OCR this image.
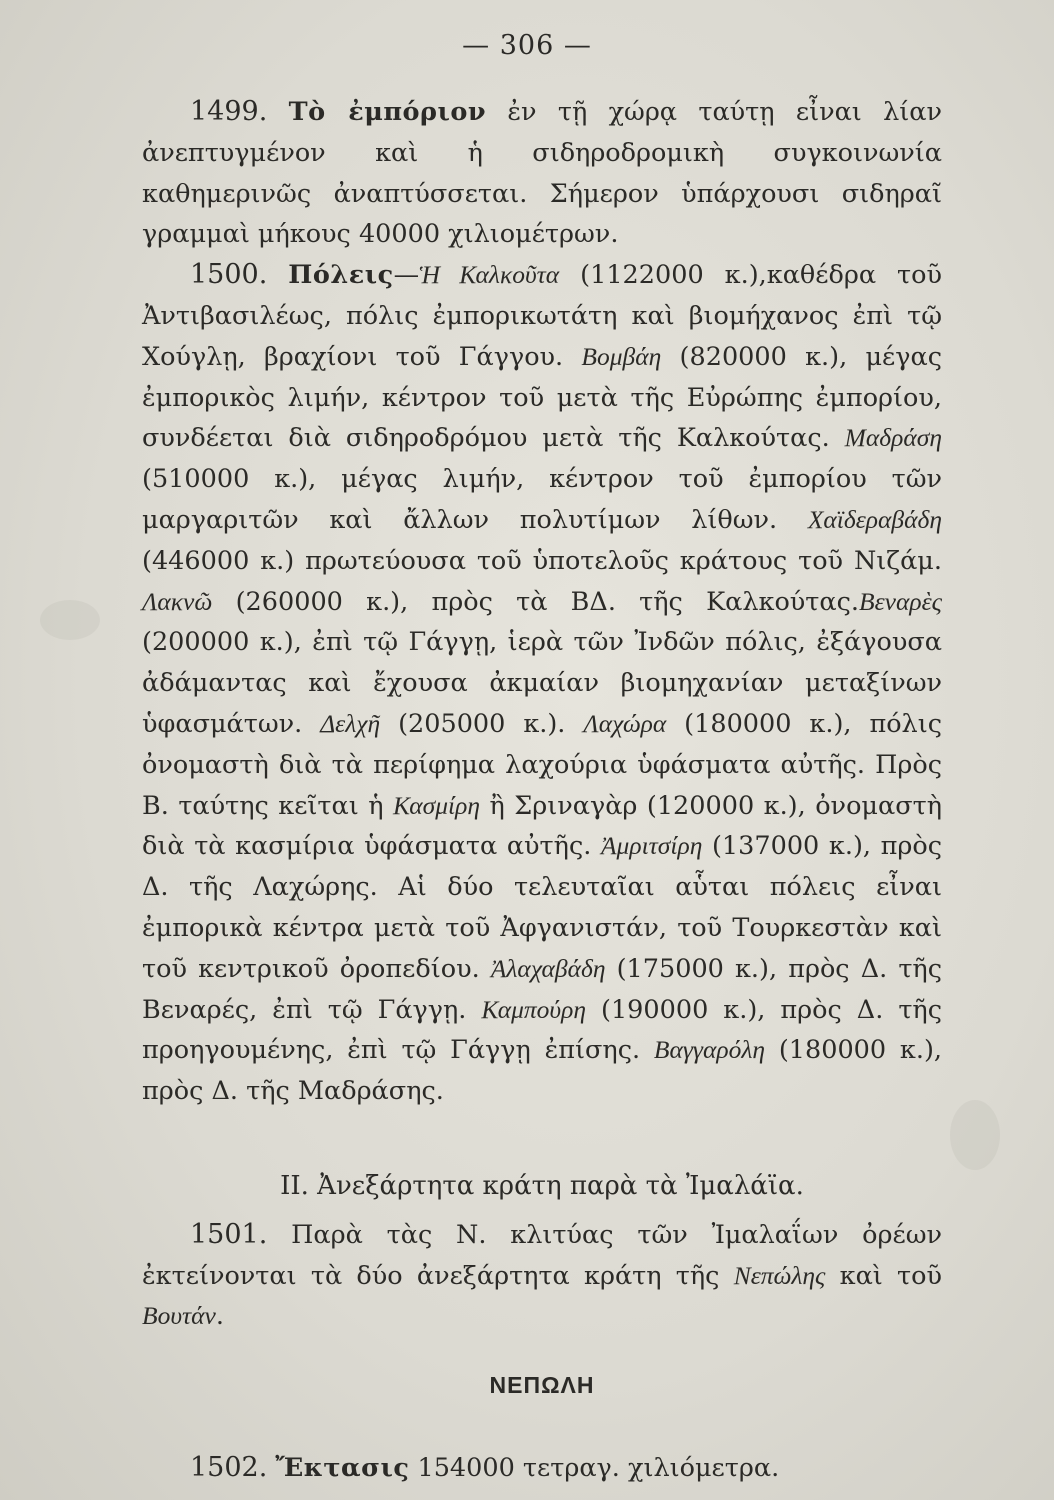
— 306 —

1499. Τὸ ἐμπόριον ἐν τῇ χώρᾳ ταύτῃ εἶναι λίαν ἀνεπτυγμένον καὶ ἡ σιδηροδρομικὴ συγκοινωνία καθημερινῶς ἀναπτύσσεται. Σήμερον ὑπάρχουσι σιδηραῖ γραμμαὶ μήκους 40000 χιλιομέτρων.

1500. Πόλεις—Ἡ Καλκοῦτα (1122000 κ.),καθέδρα τοῦ Ἀντιβασιλέως, πόλις ἐμπορικωτάτη καὶ βιομήχανος ἐπὶ τῷ Χούγλῃ, βραχίονι τοῦ Γάγγου. Βομβάη (820000 κ.), μέγας ἐμπορικὸς λιμήν, κέντρον τοῦ μετὰ τῆς Εὐρώπης ἐμπορίου, συνδέεται διὰ σιδηροδρόμου μετὰ τῆς Καλκούτας. Μαδράση (510000 κ.), μέγας λιμήν, κέντρον τοῦ ἐμπορίου τῶν μαργαριτῶν καὶ ἄλλων πολυτίμων λίθων. Χαϊδεραβάδη (446000 κ.) πρωτεύουσα τοῦ ὑποτελοῦς κράτους τοῦ Νιζάμ. Λακνῶ (260000 κ.), πρὸς τὰ ΒΔ. τῆς Καλκούτας.Βεναρὲς (200000 κ.), ἐπὶ τῷ Γάγγῃ, ἱερὰ τῶν Ἰνδῶν πόλις, ἐξάγουσα ἀδάμαντας καὶ ἔχουσα ἀκμαίαν βιομηχανίαν μεταξίνων ὑφασμάτων. Δελχῆ (205000 κ.). Λαχώρα (180000 κ.), πόλις ὀνομαστὴ διὰ τὰ περίφημα λαχούρια ὑφάσματα αὐτῆς. Πρὸς Β. ταύτης κεῖται ἡ Κασμίρη ἢ Σριναγὰρ (120000 κ.), ὀνομαστὴ διὰ τὰ κασμίρια ὑφάσματα αὐτῆς. Ἀμριτσίρη (137000 κ.), πρὸς Δ. τῆς Λαχώρης. Αἱ δύο τελευταῖαι αὗται πόλεις εἶναι ἐμπορικὰ κέντρα μετὰ τοῦ Ἀφγανιστάν, τοῦ Τουρκεστὰν καὶ τοῦ κεντρικοῦ ὀροπεδίου. Ἀλαχαβάδη (175000 κ.), πρὸς Δ. τῆς Βεναρές, ἐπὶ τῷ Γάγγῃ. Καμπούρη (190000 κ.), πρὸς Δ. τῆς προηγουμένης, ἐπὶ τῷ Γάγγῃ ἐπίσης. Βαγγαρόλη (180000 κ.), πρὸς Δ. τῆς Μαδράσης.

ΙΙ. Ἀνεξάρτητα κράτη παρὰ τὰ Ἰμαλάϊα.

1501. Παρὰ τὰς Ν. κλιτύας τῶν Ἰμαλαΐων ὀρέων ἐκτείνονται τὰ δύο ἀνεξάρτητα κράτη τῆς Νεπώλης καὶ τοῦ Βουτάν.

ΝΕΠΩΛΗ

1502. Ἔκτασις 154000 τετραγ. χιλιόμετρα.
